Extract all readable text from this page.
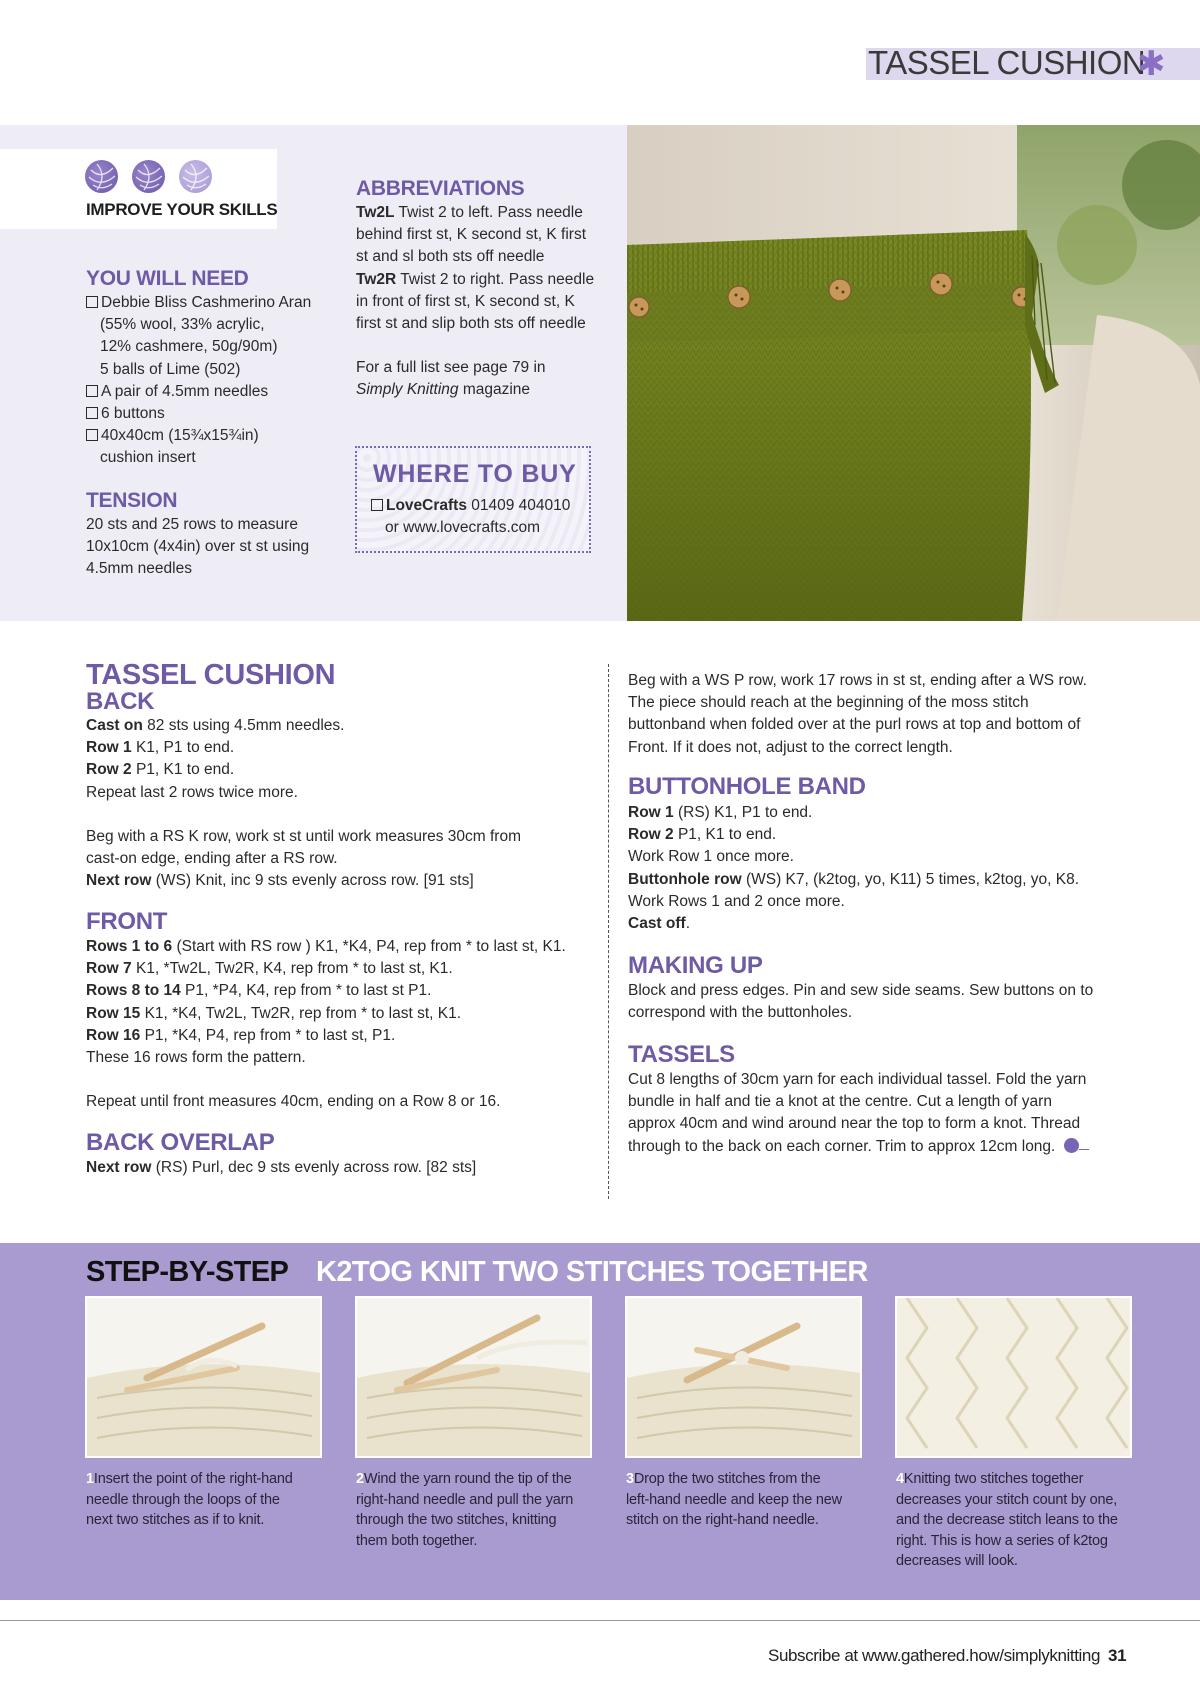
TASSEL CUSHION
✱
IMPROVE YOUR SKILLS
YOU WILL NEED

Debbie Bliss Cashmerino Aran

(55% wool, 33% acrylic,

12% cashmere, 50g/90m)

5 balls of Lime (502)

A pair of 4.5mm needles

6 buttons

40x40cm (15¾x15¾in)

cushion insert

TENSION

20 sts and 25 rows to measure

10x10cm (4x4in) over st st using

4.5mm needles

ABBREVIATIONS

Tw2L Twist 2 to left. Pass needle

behind first st, K second st, K first

st and sl both sts off needle

Tw2R Twist 2 to right. Pass needle

in front of first st, K second st, K

first st and slip both sts off needle

For a full list see page 79 in

Simply Knitting magazine

WHERE TO BUY

LoveCrafts 01409 404010

or www.lovecrafts.com

TASSEL CUSHION
BACK

Cast on 82 sts using 4.5mm needles.

Row 1 K1, P1 to end.

Row 2 P1, K1 to end.

Repeat last 2 rows twice more.

Beg with a RS K row, work st st until work measures 30cm from

cast-on edge, ending after a RS row.

Next row (WS) Knit, inc 9 sts evenly across row. [91 sts]

FRONT

Rows 1 to 6 (Start with RS row ) K1, *K4, P4, rep from * to last st, K1.

Row 7 K1, *Tw2L, Tw2R, K4, rep from * to last st, K1.

Rows 8 to 14 P1, *P4, K4, rep from * to last st P1.

Row 15 K1, *K4, Tw2L, Tw2R, rep from * to last st, K1.

Row 16 P1, *K4, P4, rep from * to last st, P1.

These 16 rows form the pattern.

Repeat until front measures 40cm, ending on a Row 8 or 16.

BACK OVERLAP

Next row (RS) Purl, dec 9 sts evenly across row. [82 sts]

Beg with a WS P row, work 17 rows in st st, ending after a WS row.

The piece should reach at the beginning of the moss stitch

buttonband when folded over at the purl rows at top and bottom of

Front. If it does not, adjust to the correct length.

BUTTONHOLE BAND

Row 1 (RS) K1, P1 to end.

Row 2 P1, K1 to end.

Work Row 1 once more.

Buttonhole row (WS) K7, (k2tog, yo, K11) 5 times, k2tog, yo, K8.

Work Rows 1 and 2 once more.

Cast off.

MAKING UP

Block and press edges. Pin and sew side seams. Sew buttons on to

correspond with the buttonholes.

TASSELS

Cut 8 lengths of 30cm yarn for each individual tassel. Fold the yarn

bundle in half and tie a knot at the centre. Cut a length of yarn

approx 40cm and wind around near the top to form a knot. Thread

through to the back on each corner. Trim to approx 12cm long.

STEP-BY-STEP K2TOG KNIT TWO STITCHES TOGETHER
1Insert the point of the right-hand
needle through the loops of the
next two stitches as if to knit.
2Wind the yarn round the tip of the
right-hand needle and pull the yarn
through the two stitches, knitting
them both together.
3Drop the two stitches from the
left-hand needle and keep the new
stitch on the right-hand needle.
4Knitting two stitches together
decreases your stitch count by one,
and the decrease stitch leans to the
right. This is how a series of k2tog
decreases will look.
Subscribe at www.gathered.how/simplyknitting 31
